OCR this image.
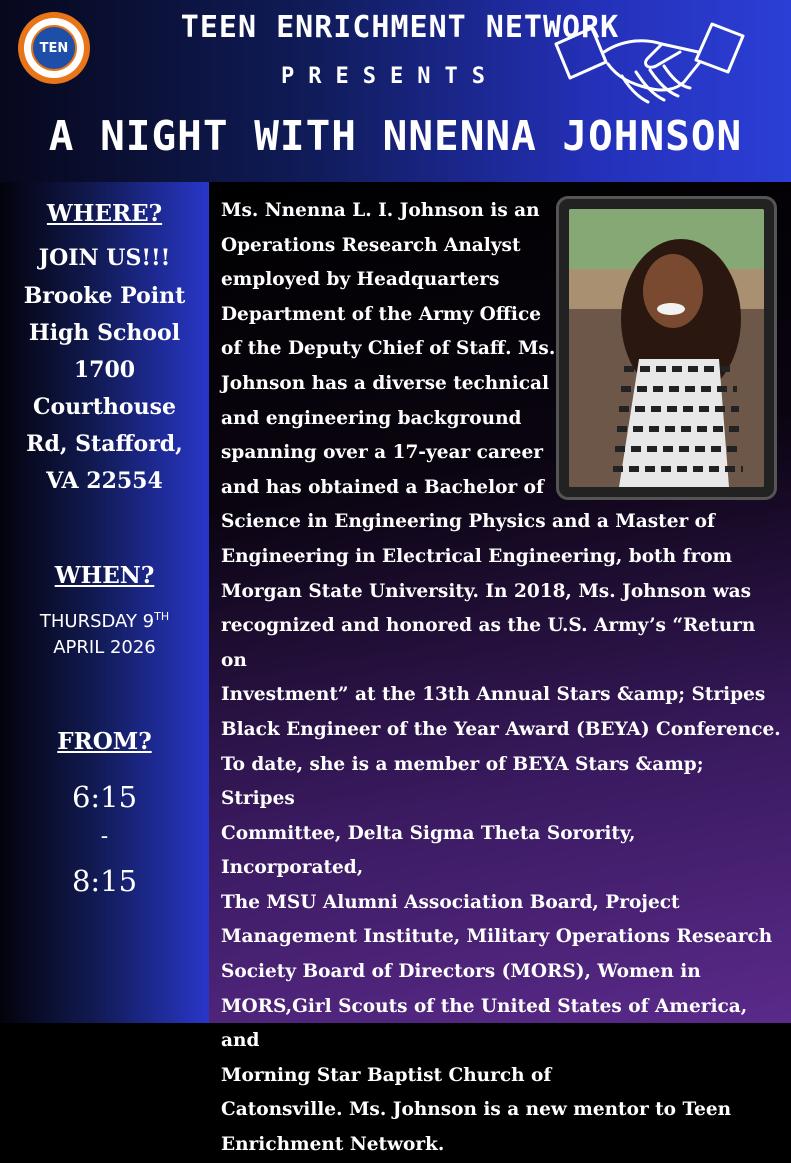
TEN
TEEN ENRICHMENT NETWORK
PRESENTS
A NIGHT WITH NNENNA JOHNSON
WHERE?
JOIN US!!!
Brooke Point
High School
1700
Courthouse
Rd, Stafford,
VA 22554
WHEN?
THURSDAY 9TH
APRIL 2026
FROM?
6:15
-
8:15
Ms. Nnenna L. I. Johnson is an
Operations Research Analyst
employed by Headquarters
Department of the Army Office
of the Deputy Chief of Staff. Ms.
Johnson has a diverse technical
and engineering background
spanning over a 17-year career
and has obtained a Bachelor of
Science in Engineering Physics and a Master of
Engineering in Electrical Engineering, both from
Morgan State University. In 2018, Ms. Johnson was
recognized and honored as the U.S. Army’s “Return on
Investment” at the 13th Annual Stars &amp; Stripes
Black Engineer of the Year Award (BEYA) Conference.
To date, she is a member of BEYA Stars &amp; Stripes
Committee, Delta Sigma Theta Sorority, Incorporated,
The MSU Alumni Association Board, Project
Management Institute, Military Operations Research
Society Board of Directors (MORS), Women in
MORS,Girl Scouts of the United States of America, and
Morning Star Baptist Church of
Catonsville. Ms. Johnson is a new mentor to Teen
Enrichment Network.
